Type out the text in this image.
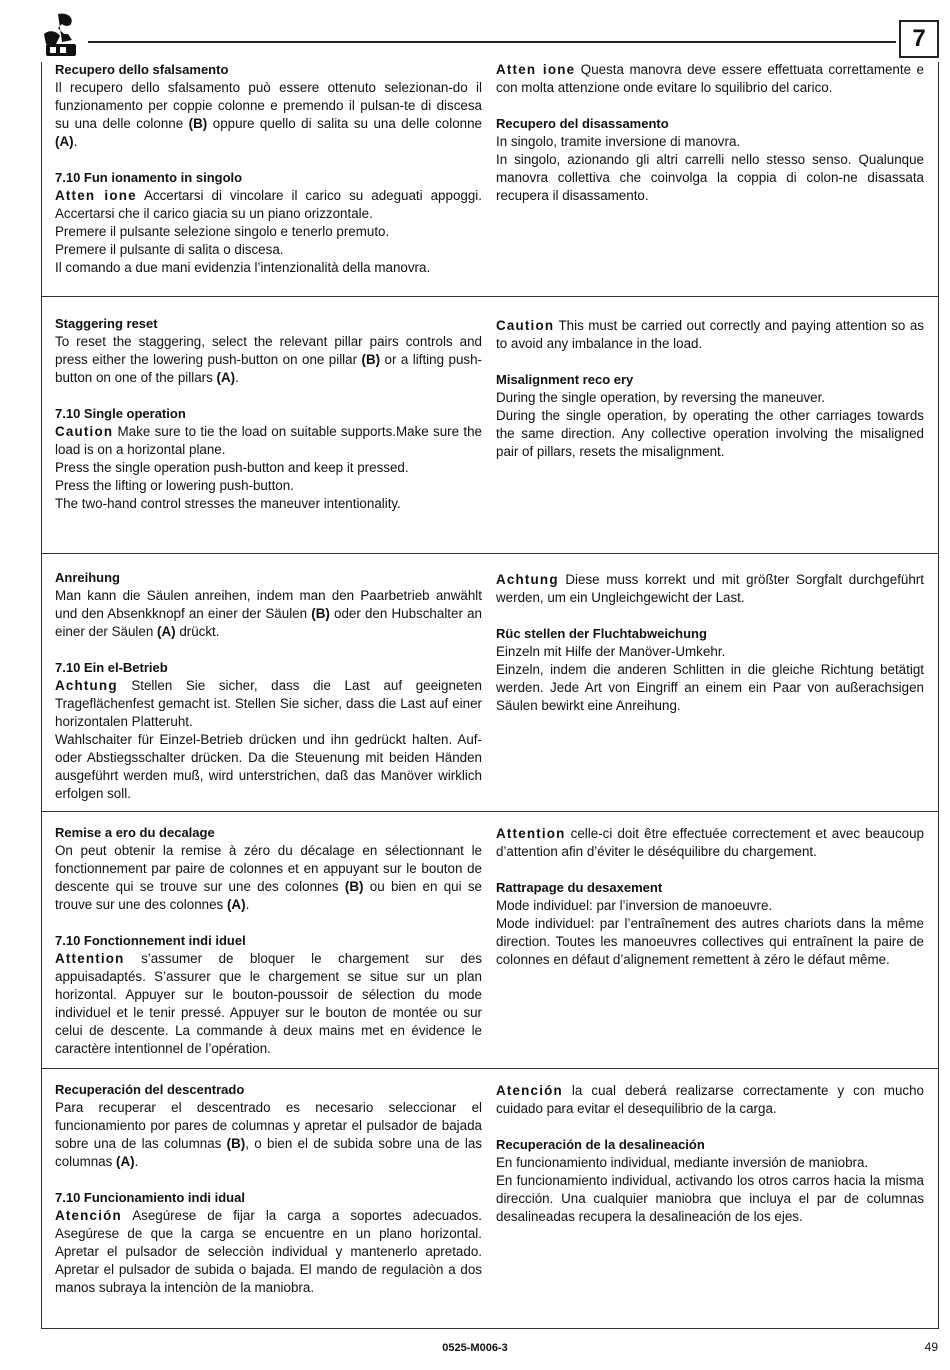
7

Recupero dello sfalsamento

Il recupero dello sfalsamento può essere ottenuto selezionan-do il funzionamento per coppie colonne e premendo il pulsan-te di discesa su una delle colonne (B) oppure quello di salita su una delle colonne (A).

7.10 Fun ionamento in singolo

Atten ione Accertarsi di vincolare il carico su adeguati appoggi. Accertarsi che il carico giacia su un piano orizzontale.

Premere il pulsante selezione singolo e tenerlo premuto.

Premere il pulsante di salita o discesa.

Il comando a due mani evidenzia l’intenzionalità della manovra.

Atten ione Questa manovra deve essere effettuata correttamente e con molta attenzione onde evitare lo squilibrio del carico.

Recupero del disassamento

In singolo, tramite inversione di manovra.

In singolo, azionando gli altri carrelli nello stesso senso. Qualunque manovra collettiva che coinvolga la coppia di colon-ne disassata recupera il disassamento.

Staggering reset

To reset the staggering, select the relevant pillar pairs controls and press either the lowering push-button on one pillar (B) or a lifting push-button on one of the pillars (A).

7.10 Single operation

Caution Make sure to tie the load on suitable supports.Make sure the load is on a horizontal plane.

Press the single operation push-button and keep it pressed.

Press the lifting or lowering push-button.

The two-hand control stresses the maneuver intentionality.

Caution This must be carried out correctly and paying attention so as to avoid any imbalance in the load.

Misalignment reco ery

During the single operation, by reversing the maneuver.

During the single operation, by operating the other carriages towards the same direction. Any collective operation involving the misaligned pair of pillars, resets the misalignment.

Anreihung

Man kann die Säulen anreihen, indem man den Paarbetrieb anwählt und den Absenkknopf an einer der Säulen (B) oder den Hubschalter an einer der Säulen (A) drückt.

7.10 Ein el-Betrieb

Achtung Stellen Sie sicher, dass die Last auf geeigneten Trageflächenfest gemacht ist. Stellen Sie sicher, dass die Last auf einer horizontalen Platteruht.

Wahlschaiter für Einzel-Betrieb drücken und ihn gedrückt halten. Auf- oder Abstiegsschalter drücken. Da die Steuenung mit beiden Händen ausgeführt werden muß, wird unterstrichen, daß das Manöver wirklich erfolgen soll.

Achtung Diese muss korrekt und mit größter Sorgfalt durchgeführt werden, um ein Ungleichgewicht der Last.

Rüc stellen der Fluchtabweichung

Einzeln mit Hilfe der Manöver-Umkehr.

Einzeln, indem die anderen Schlitten in die gleiche Richtung betätigt werden. Jede Art von Eingriff an einem ein Paar von außerachsigen Säulen bewirkt eine Anreihung.

Remise a ero du decalage

On peut obtenir la remise à zéro du décalage en sélectionnant le fonctionnement par paire de colonnes et en appuyant sur le bouton de descente qui se trouve sur une des colonnes (B) ou bien en qui se trouve sur une des colonnes (A).

7.10 Fonctionnement indi iduel

Attention s’assumer de bloquer le chargement sur des appuisadaptés. S’assurer que le chargement se situe sur un plan horizontal. Appuyer sur le bouton-poussoir de sélection du mode individuel et le tenir pressé. Appuyer sur le bouton de montée ou sur celui de descente. La commande à deux mains met en évidence le caractère intentionnel de l’opération.

Attention celle-ci doit être effectuée correctement et avec beaucoup d’attention afin d’éviter le déséquilibre du chargement.

Rattrapage du desaxement

Mode individuel: par l’inversion de manoeuvre.

Mode individuel: par l’entraînement des autres chariots dans la même direction. Toutes les manoeuvres collectives qui entraînent la paire de colonnes en défaut d’alignement remettent à zéro le défaut même.

Recuperación del descentrado

Para recuperar el descentrado es necesario seleccionar el funcionamiento por pares de columnas y apretar el pulsador de bajada sobre una de las columnas (B), o bien el de subida sobre una de las columnas (A).

7.10 Funcionamiento indi idual

Atención Asegúrese de fijar la carga a soportes adecuados. Asegúrese de que la carga se encuentre en un plano horizontal. Apretar el pulsador de selecciòn individual y mantenerlo apretado. Apretar el pulsador de subida o bajada. El mando de regulaciòn a dos manos subraya la intenciòn de la maniobra.

Atención la cual deberá realizarse correctamente y con mucho cuidado para evitar el desequilibrio de la carga.

Recuperación de la desalineación

En funcionamiento individual, mediante inversión de maniobra.

En funcionamiento individual, activando los otros carros hacia la misma dirección. Una cualquier maniobra que incluya el par de columnas desalineadas recupera la desalineación de los ejes.

0525-M006-3	49
